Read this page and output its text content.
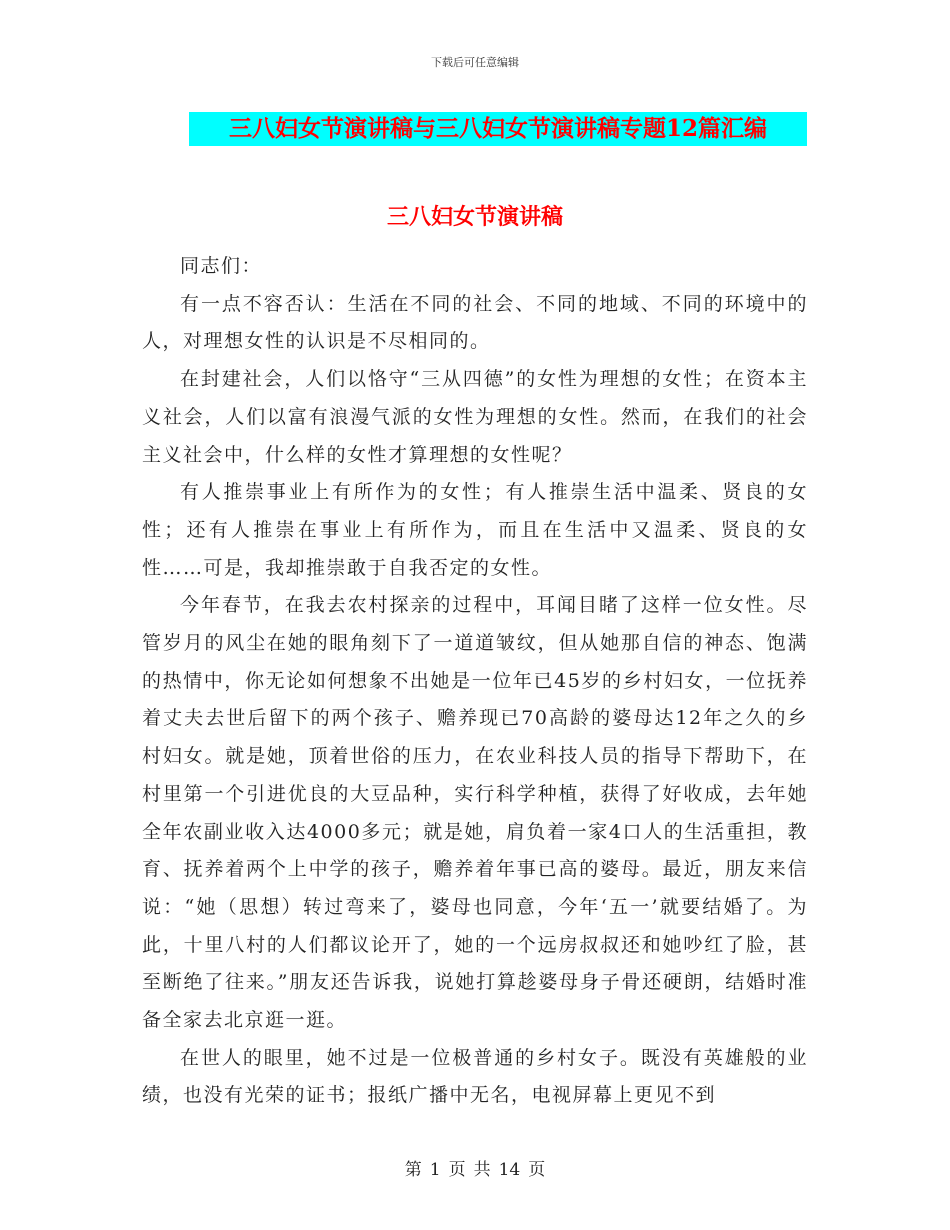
下载后可任意编辑
三八妇女节演讲稿与三八妇女节演讲稿专题12篇汇编
三八妇女节演讲稿

同志们：

有一点不容否认：生活在不同的社会、不同的地域、不同的环境中的人，对理想女性的认识是不尽相同的。

在封建社会，人们以恪守“三从四德”的女性为理想的女性；在资本主义社会，人们以富有浪漫气派的女性为理想的女性。然而，在我们的社会主义社会中，什么样的女性才算理想的女性呢？

有人推崇事业上有所作为的女性；有人推崇生活中温柔、贤良的女性；还有人推崇在事业上有所作为，而且在生活中又温柔、贤良的女性……可是，我却推崇敢于自我否定的女性。

今年春节，在我去农村探亲的过程中，耳闻目睹了这样一位女性。尽管岁月的风尘在她的眼角刻下了一道道皱纹，但从她那自信的神态、饱满的热情中，你无论如何想象不出她是一位年已45岁的乡村妇女，一位抚养着丈夫去世后留下的两个孩子、赡养现已70高龄的婆母达12年之久的乡村妇女。就是她，顶着世俗的压力，在农业科技人员的指导下帮助下，在村里第一个引进优良的大豆品种，实行科学种植，获得了好收成，去年她全年农副业收入达4000多元；就是她，肩负着一家4口人的生活重担，教育、抚养着两个上中学的孩子，赡养着年事已高的婆母。最近，朋友来信说：“她（思想）转过弯来了，婆母也同意，今年‘五一’就要结婚了。为此，十里八村的人们都议论开了，她的一个远房叔叔还和她吵红了脸，甚至断绝了往来。”朋友还告诉我，说她打算趁婆母身子骨还硬朗，结婚时准备全家去北京逛一逛。

在世人的眼里，她不过是一位极普通的乡村女子。既没有英雄般的业绩，也没有光荣的证书；报纸广播中无名，电视屏幕上更见不到

第 1 页 共 14 页
